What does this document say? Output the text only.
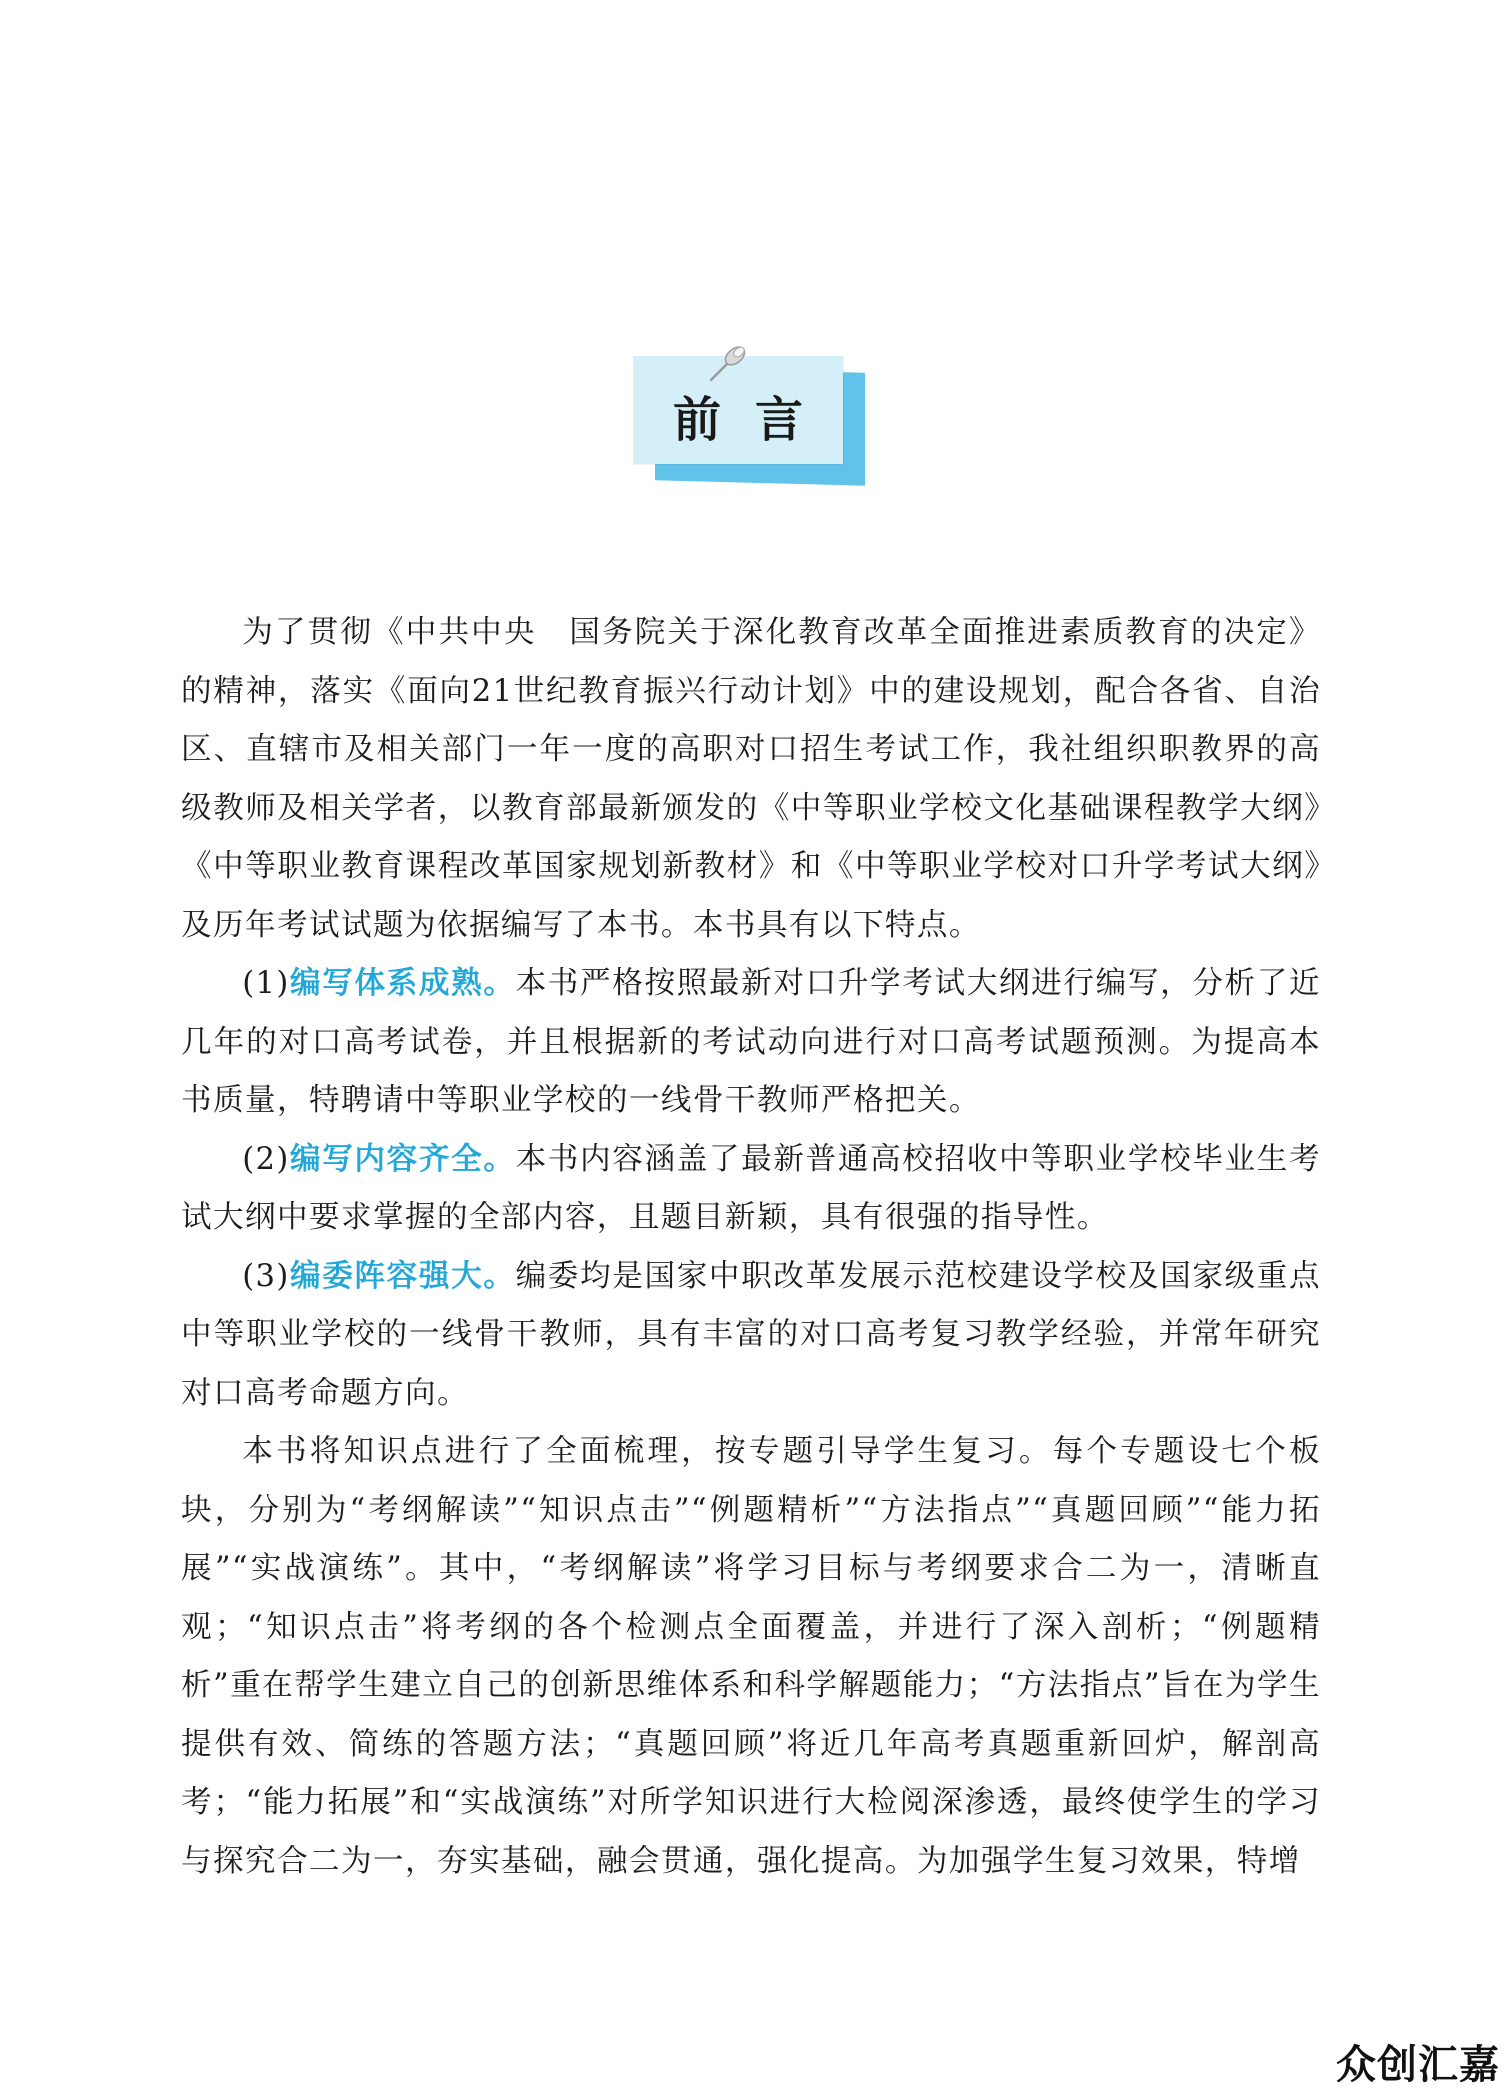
前言

为了贯彻《中共中央　国务院关于深化教育改革全面推进素质教育的决定》的精神，落实《面向21世纪教育振兴行动计划》中的建设规划，配合各省、自治区、直辖市及相关部门一年一度的高职对口招生考试工作，我社组织职教界的高级教师及相关学者，以教育部最新颁发的《中等职业学校文化基础课程教学大纲》《中等职业教育课程改革国家规划新教材》和《中等职业学校对口升学考试大纲》及历年考试试题为依据编写了本书。本书具有以下特点。

(1)编写体系成熟。本书严格按照最新对口升学考试大纲进行编写，分析了近几年的对口高考试卷，并且根据新的考试动向进行对口高考试题预测。为提高本书质量，特聘请中等职业学校的一线骨干教师严格把关。

(2)编写内容齐全。本书内容涵盖了最新普通高校招收中等职业学校毕业生考试大纲中要求掌握的全部内容，且题目新颖，具有很强的指导性。

(3)编委阵容强大。编委均是国家中职改革发展示范校建设学校及国家级重点中等职业学校的一线骨干教师，具有丰富的对口高考复习教学经验，并常年研究对口高考命题方向。

本书将知识点进行了全面梳理，按专题引导学生复习。每个专题设七个板块，分别为“考纲解读”“知识点击”“例题精析”“方法指点”“真题回顾”“能力拓展”“实战演练”。其中，“考纲解读”将学习目标与考纲要求合二为一，清晰直观；“知识点击”将考纲的各个检测点全面覆盖，并进行了深入剖析；“例题精析”重在帮学生建立自己的创新思维体系和科学解题能力；“方法指点”旨在为学生提供有效、简练的答题方法；“真题回顾”将近几年高考真题重新回炉，解剖高考；“能力拓展”和“实战演练”对所学知识进行大检阅深渗透，最终使学生的学习与探究合二为一，夯实基础，融会贯通，强化提高。为加强学生复习效果，特增

众创汇嘉
